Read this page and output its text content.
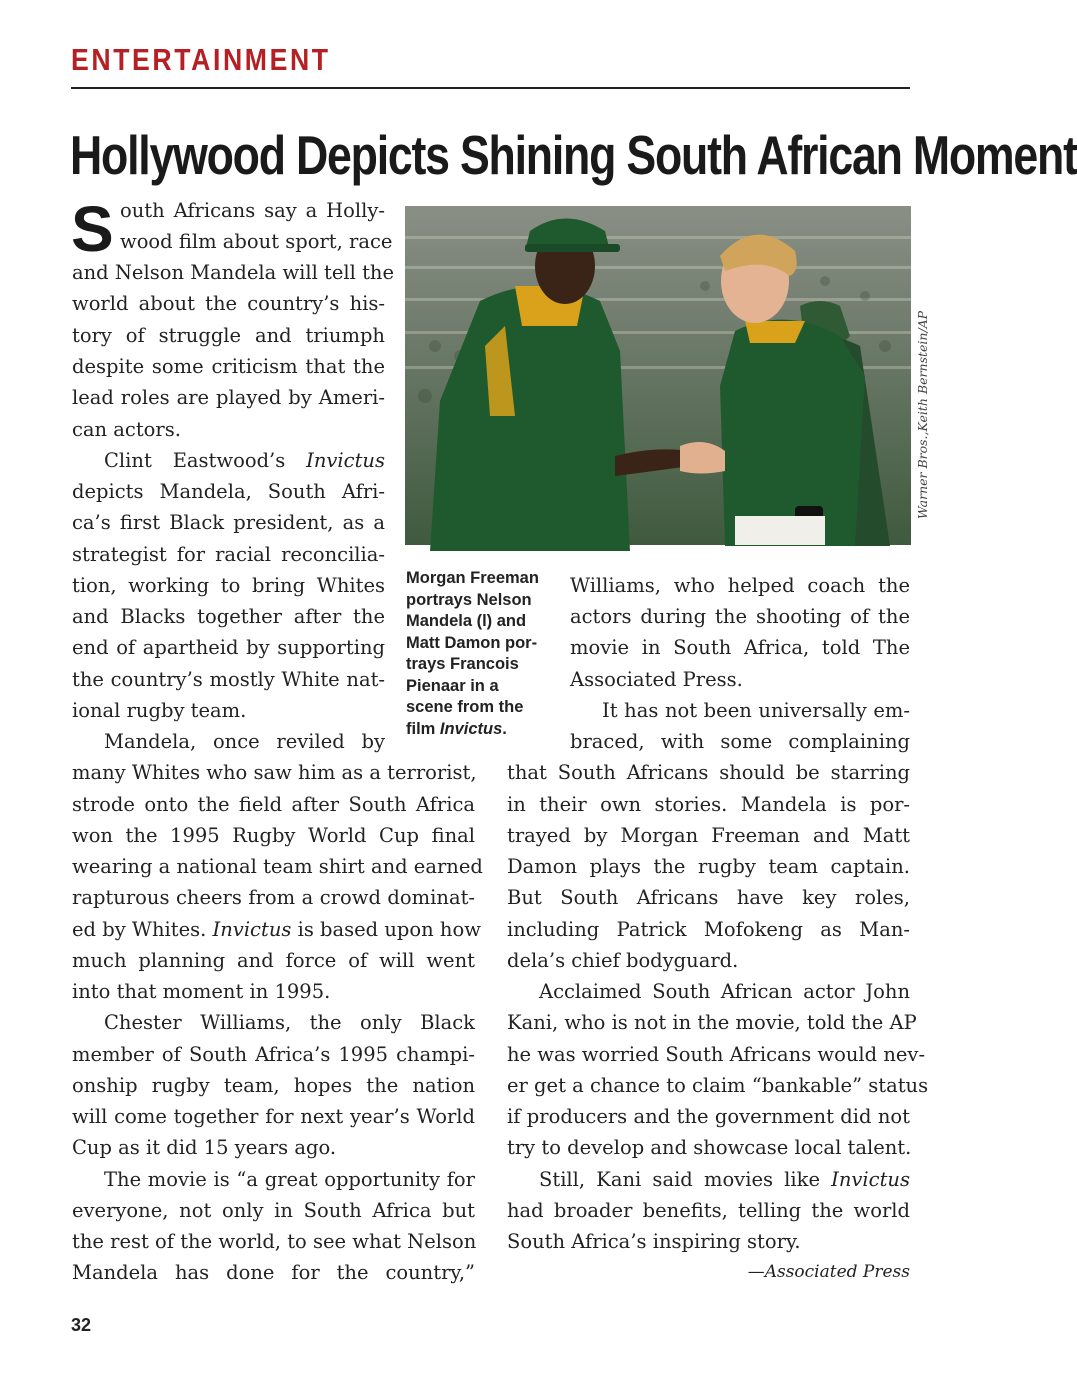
ENTERTAINMENT
Hollywood Depicts Shining South African Moment
S outh Africans say a Holly-
wood film about sport, race
and Nelson Mandela will tell the
world about the country’s his-
tory of struggle and triumph
despite some criticism that the
lead roles are played by Ameri-
can actors.
Clint Eastwood’s Invictus
depicts Mandela, South Afri-
ca’s first Black president, as a
strategist for racial reconcilia-
tion, working to bring Whites
and Blacks together after the
end of apartheid by supporting
the country’s mostly White nat-
ional rugby team.
Mandela, once reviled by
many Whites who saw him as a terrorist,
strode onto the field after South Africa
won the 1995 Rugby World Cup final
wearing a national team shirt and earned
rapturous cheers from a crowd dominat-
ed by Whites. Invictus is based upon how
much planning and force of will went
into that moment in 1995.
Chester Williams, the only Black
member of South Africa’s 1995 champi-
onship rugby team, hopes the nation
will come together for next year’s World
Cup as it did 15 years ago.
The movie is “a great opportunity for
everyone, not only in South Africa but
the rest of the world, to see what Nelson
Mandela has done for the country,”
Williams, who helped coach the
actors during the shooting of the
movie in South Africa, told The
Associated Press.
It has not been universally em-
braced, with some complaining
that South Africans should be starring
in their own stories. Mandela is por-
trayed by Morgan Freeman and Matt
Damon plays the rugby team captain.
But South Africans have key roles,
including Patrick Mofokeng as Man-
dela’s chief bodyguard.
Acclaimed South African actor John
Kani, who is not in the movie, told the AP
he was worried South Africans would nev-
er get a chance to claim “bankable” status
if producers and the government did not
try to develop and showcase local talent.
Still, Kani said movies like Invictus
had broader benefits, telling the world
South Africa’s inspiring story.
Warner Bros.,Keith Bernstein/AP
Morgan Freeman
portrays Nelson
Mandela (l) and
Matt Damon por-
trays Francois
Pienaar in a
scene from the
film Invictus.
—Associated Press
32
